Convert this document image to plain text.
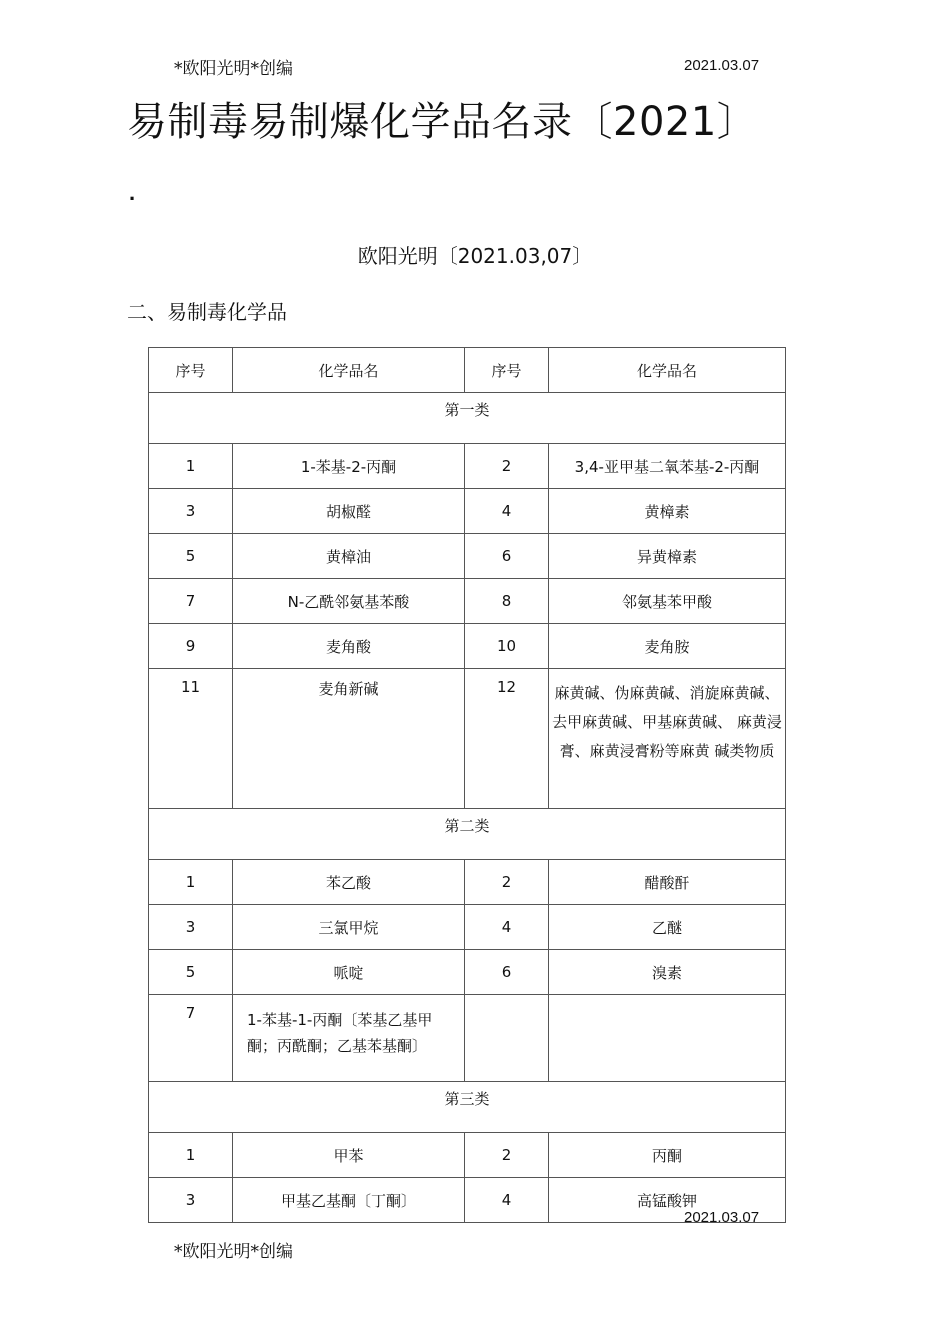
*欧阳光明*创编	2021.03.07
易制毒易制爆化学品名录〔2021〕
.
欧阳光明〔2021.03,07〕
二、易制毒化学品
序号	化学品名	序号	化学品名
第一类			
1	1-苯基-2-丙酮	2	3,4-亚甲基二氧苯基-2-丙酮
3	胡椒醛	4	黄樟素
5	黄樟油	6	异黄樟素
7	N-乙酰邻氨基苯酸	8	邻氨基苯甲酸
9	麦角酸	10	麦角胺
11	麦角新碱	12	麻黄碱、伪麻黄碱、消旋麻黄碱、去甲麻黄碱、甲基麻黄碱、 麻黄浸膏、麻黄浸膏粉等麻黄 碱类物质
第二类			
1	苯乙酸	2	醋酸酐
3	三氯甲烷	4	乙醚
5	哌啶	6	溴素
7	1-苯基-1-丙酮〔苯基乙基甲酮；丙酰酮；乙基苯基酮〕		
第三类			
1	甲苯	2	丙酮
3	甲基乙基酮〔丁酮〕	4	高锰酸钾
2021.03.07
*欧阳光明*创编
